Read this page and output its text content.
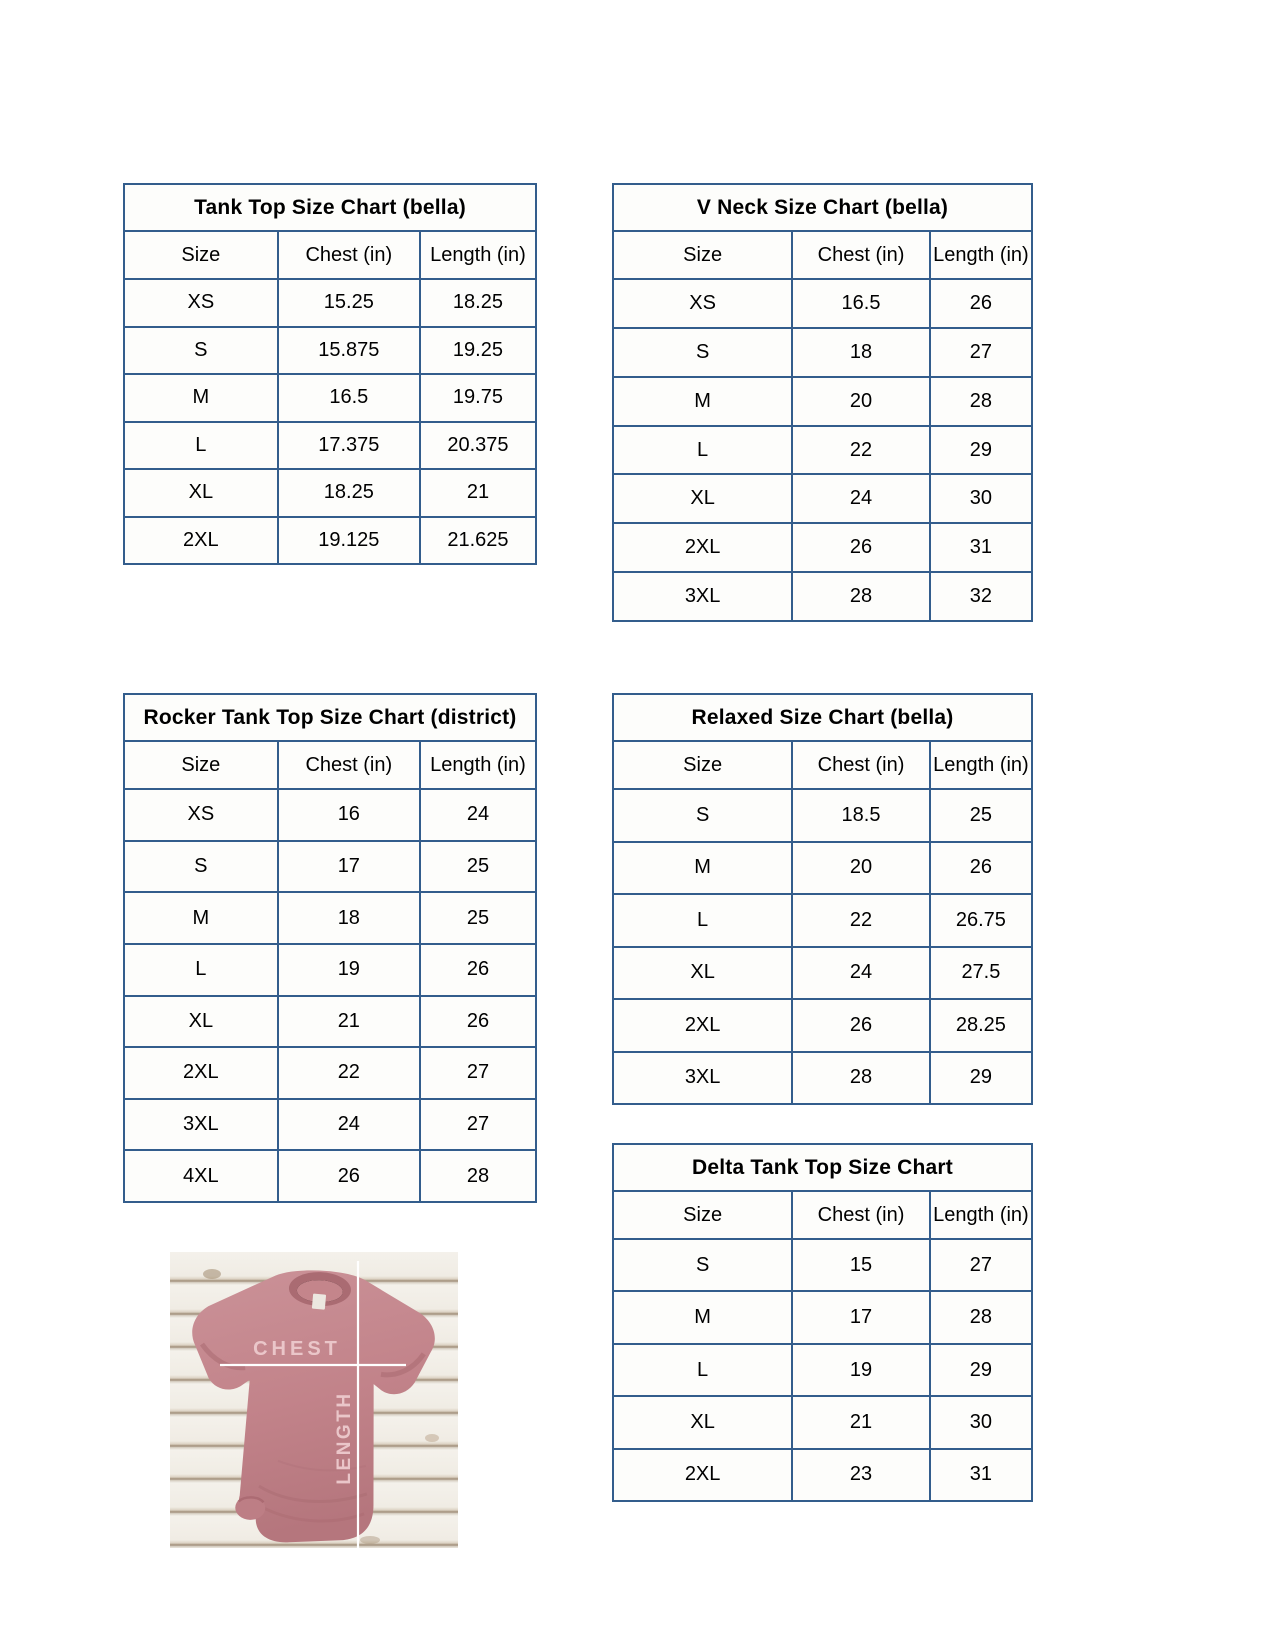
Tank Top Size Chart (bella)
Size	Chest (in)	Length (in)
XS	15.25	18.25
S	15.875	19.25
M	16.5	19.75
L	17.375	20.375
XL	18.25	21
2XL	19.125	21.625
V Neck Size Chart (bella)
Size	Chest (in)	Length (in)
XS	16.5	26
S	18	27
M	20	28
L	22	29
XL	24	30
2XL	26	31
3XL	28	32
Rocker Tank Top Size Chart (district)
Size	Chest (in)	Length (in)
XS	16	24
S	17	25
M	18	25
L	19	26
XL	21	26
2XL	22	27
3XL	24	27
4XL	26	28
Relaxed Size Chart (bella)
Size	Chest (in)	Length (in)
S	18.5	25
M	20	26
L	22	26.75
XL	24	27.5
2XL	26	28.25
3XL	28	29
Delta Tank Top Size Chart
Size	Chest (in)	Length (in)
S	15	27
M	17	28
L	19	29
XL	21	30
2XL	23	31
CHEST
LENGTH
